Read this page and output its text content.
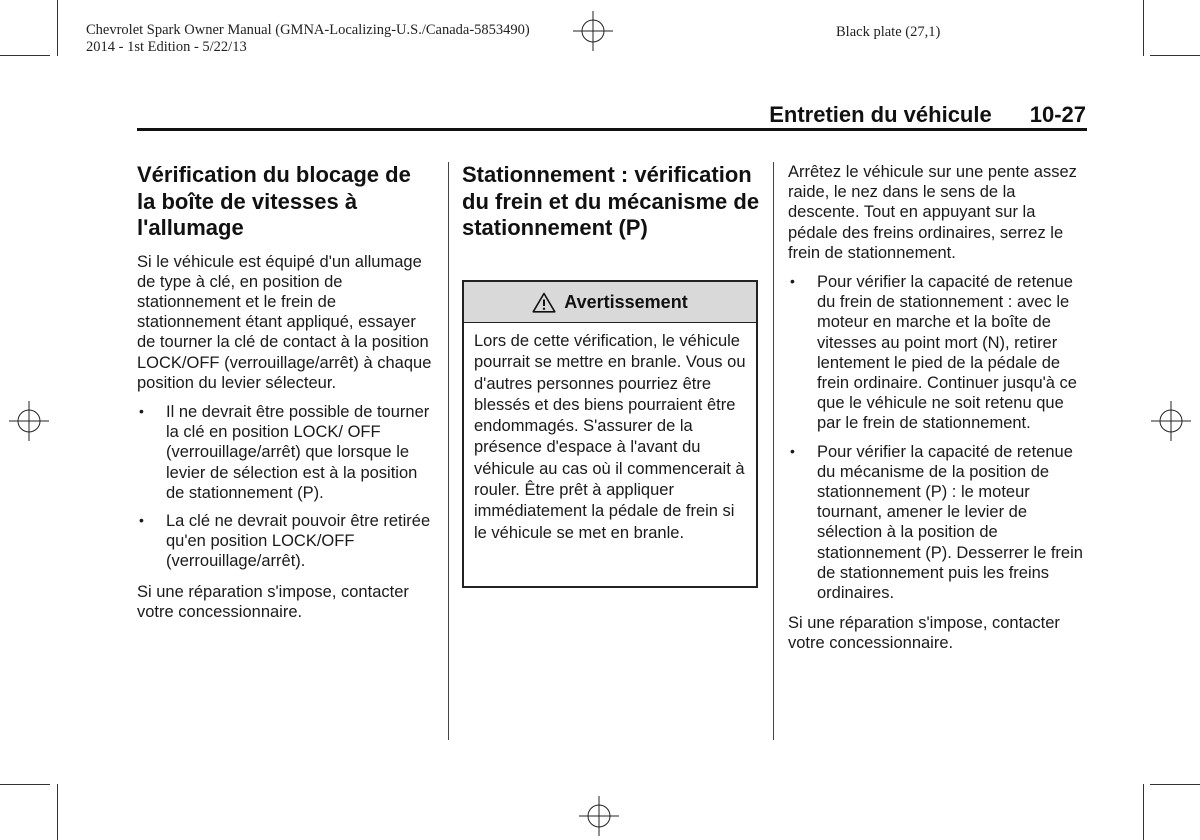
Chevrolet Spark Owner Manual (GMNA-Localizing-U.S./Canada-5853490)
2014 - 1st Edition - 5/22/13
Black plate (27,1)
Entretien du véhicule 10-27
Vérification du blocage de la boîte de vitesses à l'allumage

Si le véhicule est équipé d'un allumage de type à clé, en position de stationnement et le frein de stationnement étant appliqué, essayer de tourner la clé de contact à la position LOCK/OFF (verrouillage/arrêt) à chaque position du levier sélecteur.

• Il ne devrait être possible de tourner la clé en position LOCK/ OFF (verrouillage/arrêt) que lorsque le levier de sélection est à la position de stationnement (P).
• La clé ne devrait pouvoir être retirée qu'en position LOCK/OFF (verrouillage/arrêt).

Si une réparation s'impose, contacter votre concessionnaire.

Stationnement : vérification du frein et du mécanisme de stationnement (P)
Avertissement
Lors de cette vérification, le véhicule pourrait se mettre en branle. Vous ou d'autres personnes pourriez être blessés et des biens pourraient être endommagés. S'assurer de la présence d'espace à l'avant du véhicule au cas où il commencerait à rouler. Être prêt à appliquer immédiatement la pédale de frein si le véhicule se met en branle.

Arrêtez le véhicule sur une pente assez raide, le nez dans le sens de la descente. Tout en appuyant sur la pédale des freins ordinaires, serrez le frein de stationnement.

• Pour vérifier la capacité de retenue du frein de stationnement : avec le moteur en marche et la boîte de vitesses au point mort (N), retirer lentement le pied de la pédale de frein ordinaire. Continuer jusqu'à ce que le véhicule ne soit retenu que par le frein de stationnement.
• Pour vérifier la capacité de retenue du mécanisme de la position de stationnement (P) : le moteur tournant, amener le levier de sélection à la position de stationnement (P). Desserrer le frein de stationnement puis les freins ordinaires.

Si une réparation s'impose, contacter votre concessionnaire.
